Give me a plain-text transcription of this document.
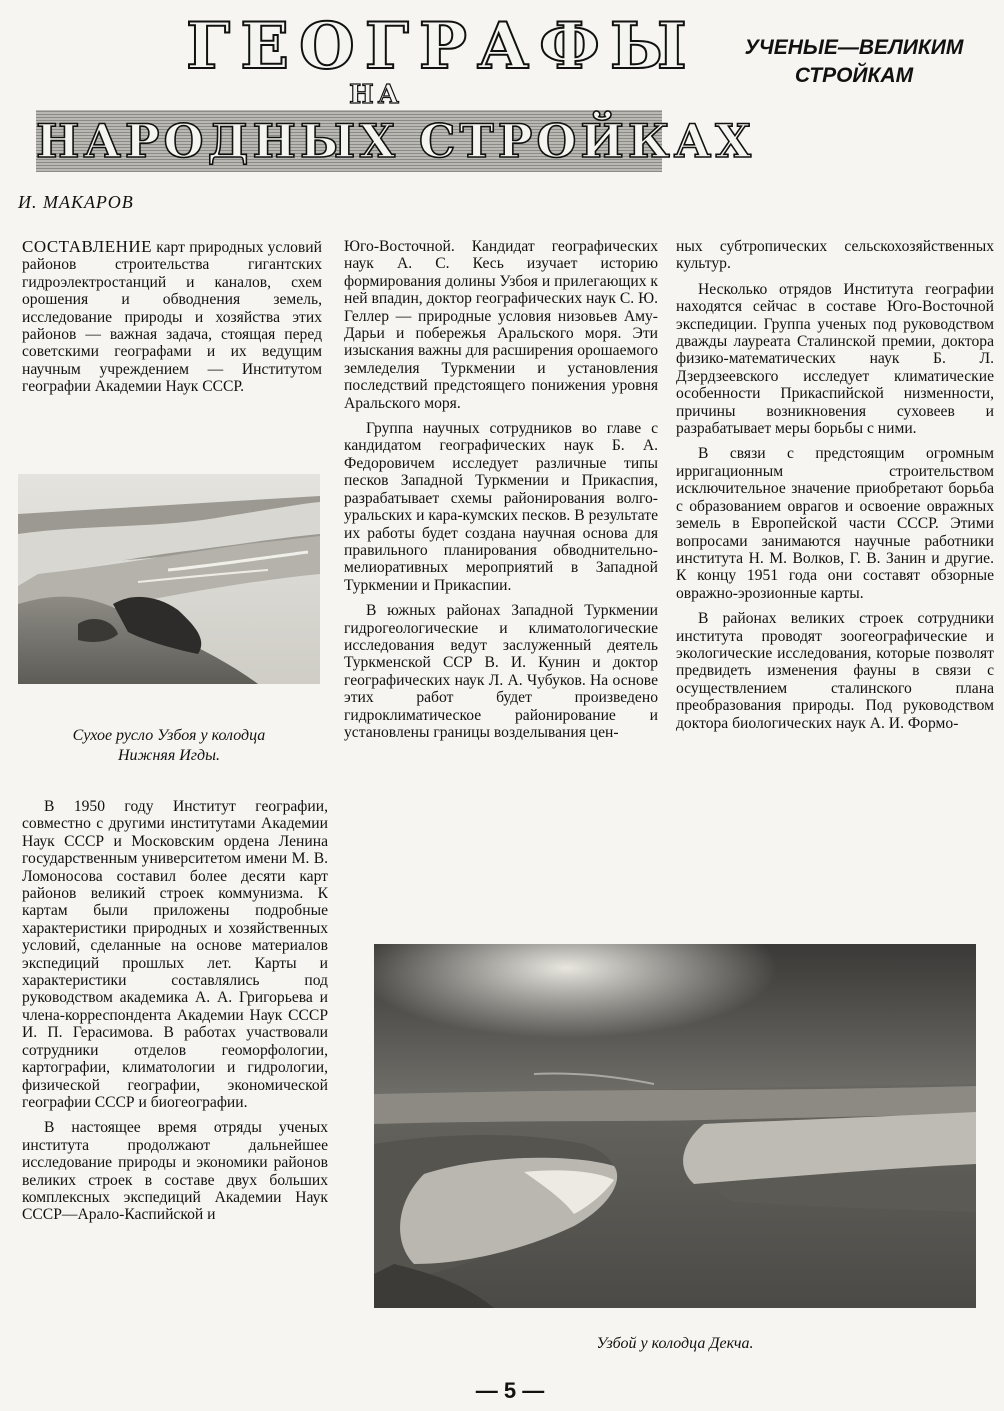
ГЕОГРАФЫ
НА
НАРОДНЫХ СТРОЙКАХ
УЧЕНЫЕ—ВЕЛИКИМ
СТРОЙКАМ
И. МАКАРОВ

СОСТАВЛЕНИЕ карт природных условий районов строительства гигантских гидроэлектростанций и каналов, схем орошения и обводнения земель, исследование природы и хозяйства этих районов — важная задача, стоящая перед советскими географами и их ведущим научным учреждением — Институтом географии Академии Наук СССР.

Сухое русло Узбоя у колодца
Нижняя Игды.

В 1950 году Институт географии, совместно с другими институтами Академии Наук СССР и Московским ордена Ленина государственным университетом имени М. В. Ломоносова составил более десяти карт районов великий строек коммунизма. К картам были приложены подробные характеристики природных и хозяйственных условий, сделанные на основе материалов экспедиций прошлых лет. Карты и характеристики составлялись под руководством академика А. А. Григорьева и члена-корреспондента Академии Наук СССР И. П. Герасимова. В работах участвовали сотрудники отделов геоморфологии, картографии, климатологии и гидрологии, физической географии, экономической географии СССР и биогеографии.

В настоящее время отряды ученых института продолжают дальнейшее исследование природы и экономики районов великих строек в составе двух больших комплексных экспедиций Академии Наук СССР—Арало-Каспийской и

Юго-Восточной. Кандидат географических наук А. С. Кесь изучает историю формирования долины Узбоя и прилегающих к ней впадин, доктор географических наук С. Ю. Геллер — природные условия низовьев Аму-Дарьи и побережья Аральского моря. Эти изыскания важны для расширения орошаемого земледелия Туркмении и установления последствий предстоящего понижения уровня Аральского моря.

Группа научных сотрудников во главе с кандидатом географических наук Б. А. Федоровичем исследует различные типы песков Западной Туркмении и Прикаспия, разрабатывает схемы районирования волго-уральских и кара-кумских песков. В результате их работы будет создана научная основа для правильного планирования обводнительно-мелиоративных мероприятий в Западной Туркмении и Прикаспии.

В южных районах Западной Туркмении гидрогеологические и климатологические исследования ведут заслуженный деятель Туркменской ССР В. И. Кунин и доктор географических наук Л. А. Чубуков. На основе этих работ будет произведено гидроклиматическое районирование и установлены границы возделывания цен-

ных субтропических сельскохозяйственных культур.

Несколько отрядов Института географии находятся сейчас в составе Юго-Восточной экспедиции. Группа ученых под руководством дважды лауреата Сталинской премии, доктора физико-математических наук Б. Л. Дзердзеевского исследует климатические особенности Прикаспийской низменности, причины возникновения суховеев и разрабатывает меры борьбы с ними.

В связи с предстоящим огромным ирригационным строительством исключительное значение приобретают борьба с образованием оврагов и освоение овражных земель в Европейской части СССР. Этими вопросами занимаются научные работники института Н. М. Волков, Г. В. Занин и другие. К концу 1951 года они составят обзорные овражно-эрозионные карты.

В районах великих строек сотрудники института проводят зоогеографические и экологические исследования, которые позволят предвидеть изменения фауны в связи с осуществлением сталинского плана преобразования природы. Под руководством доктора биологических наук А. И. Формо-

Узбой у колодца Декча.
— 5 —
